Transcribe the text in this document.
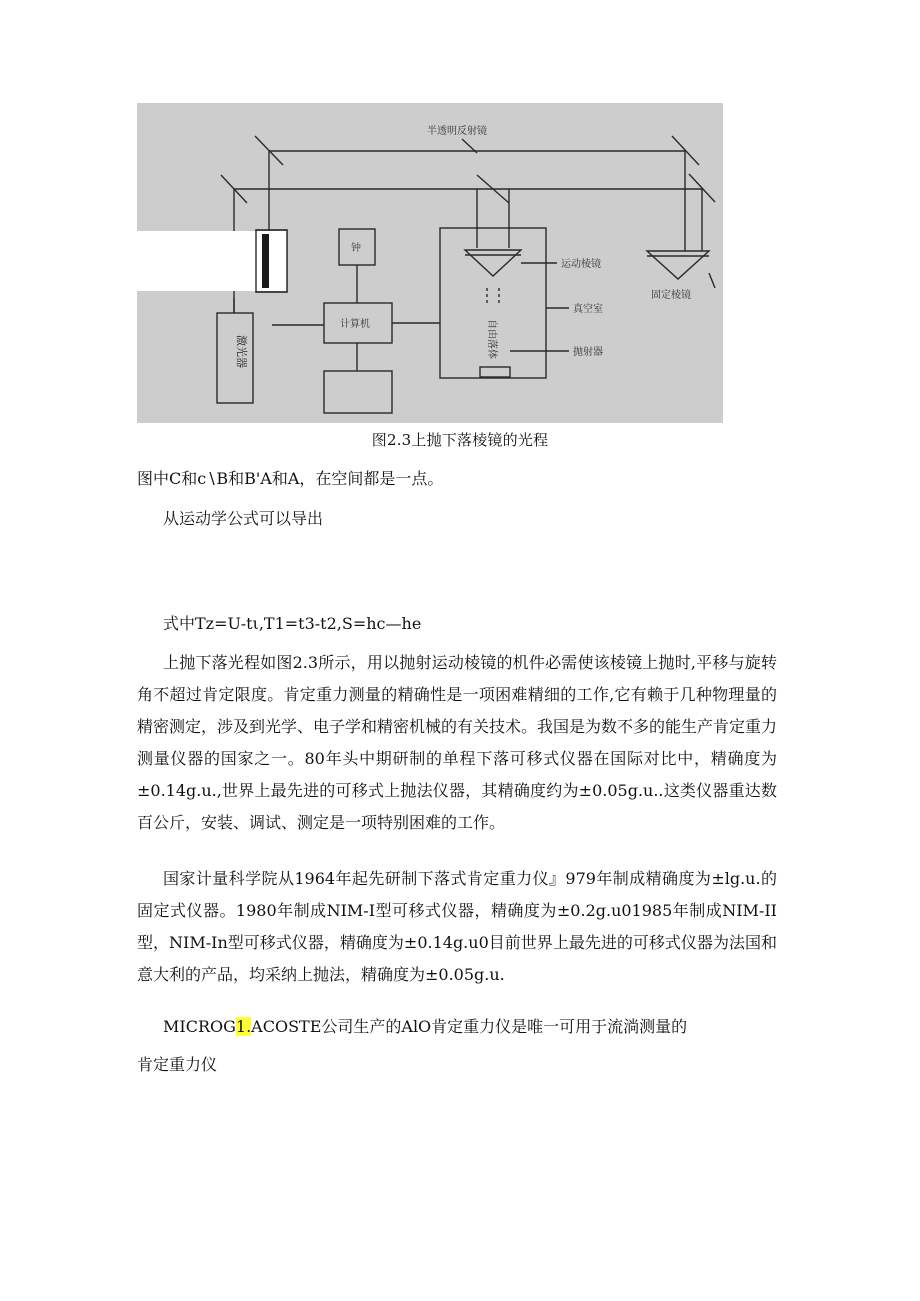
半透明反射镜
运动棱镜
固定棱镜
真空室
抛射器
钟
计算机
激光器	自由落体
图2.3上抛下落棱镜的光程
图中C和c∖B和B'A和A，在空间都是一点。
从运动学公式可以导出
式中Tz=U-tι,T1=t3-t2,S=hc—he
上抛下落光程如图2.3所示，用以抛射运动棱镜的机件必需使该棱镜上抛时,平移与旋转角不超过肯定限度。肯定重力测量的精确性是一项困难精细的工作,它有赖于几种物理量的精密测定，涉及到光学、电子学和精密机械的有关技术。我国是为数不多的能生产肯定重力测量仪器的国家之一。80年头中期研制的单程下落可移式仪器在国际对比中，精确度为±0.14g.u.,世界上最先进的可移式上抛法仪器，其精确度约为±0.05g.u..这类仪器重达数百公斤，安装、调试、测定是一项特别困难的工作。
国家计量科学院从1964年起先研制下落式肯定重力仪』979年制成精确度为±lg.u.的固定式仪器。1980年制成NIM-I型可移式仪器，精确度为±0.2g.u01985年制成NIM-II型，NIM-In型可移式仪器，精确度为±0.14g.u0目前世界上最先进的可移式仪器为法国和意大利的产品，均采纳上抛法，精确度为±0.05g.u.
MICROG1.ACOSTE公司生产的AlO肯定重力仪是唯一可用于流淌测量的
肯定重力仪
